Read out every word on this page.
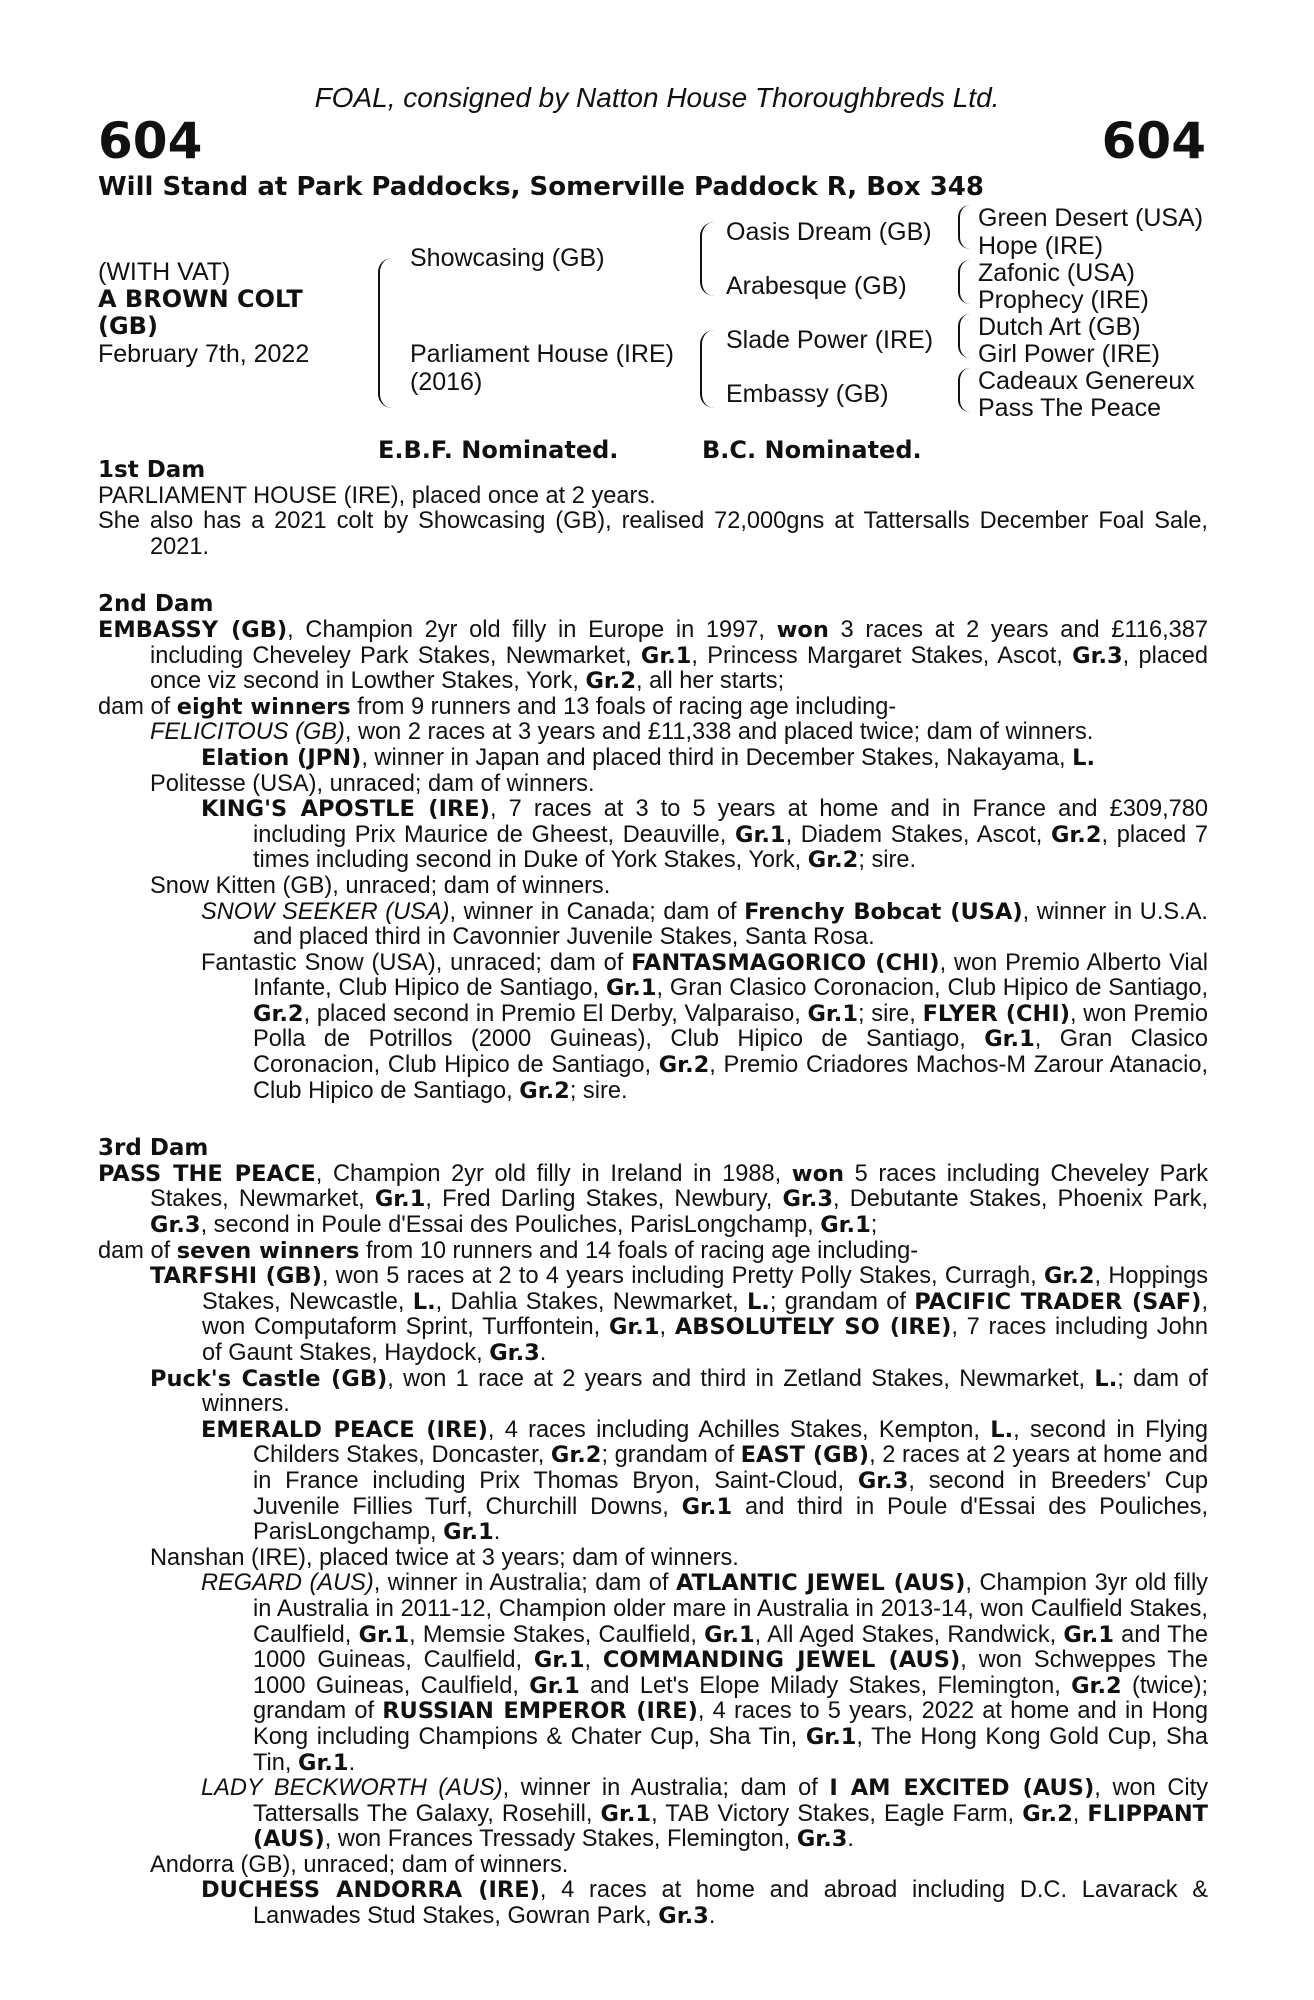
FOAL, consigned by Natton House Thoroughbreds Ltd.
604	604
Will Stand at Park Paddocks, Somerville Paddock R, Box 348
(WITH VAT)
A BROWN COLT
(GB)
February 7th, 2022
Showcasing (GB)
Parliament House (IRE)
(2016)
Oasis Dream (GB)
Arabesque (GB)
Slade Power (IRE)
Embassy (GB)
Green Desert (USA)
Hope (IRE)
Zafonic (USA)
Prophecy (IRE)
Dutch Art (GB)
Girl Power (IRE)
Cadeaux Genereux
Pass The Peace
E.B.F. Nominated.	B.C. Nominated.

1st Dam

PARLIAMENT HOUSE (IRE), placed once at 2 years.

She also has a 2021 colt by Showcasing (GB), realised 72,000gns at Tattersalls December Foal Sale, 2021.

2nd Dam

EMBASSY (GB), Champion 2yr old filly in Europe in 1997, won 3 races at 2 years and £116,387 including Cheveley Park Stakes, Newmarket, Gr.1, Princess Margaret Stakes, Ascot, Gr.3, placed once viz second in Lowther Stakes, York, Gr.2, all her starts;

dam of eight winners from 9 runners and 13 foals of racing age including-

FELICITOUS (GB), won 2 races at 3 years and £11,338 and placed twice; dam of winners.

Elation (JPN), winner in Japan and placed third in December Stakes, Nakayama, L.

Politesse (USA), unraced; dam of winners.

KING'S APOSTLE (IRE), 7 races at 3 to 5 years at home and in France and £309,780 including Prix Maurice de Gheest, Deauville, Gr.1, Diadem Stakes, Ascot, Gr.2, placed 7 times including second in Duke of York Stakes, York, Gr.2; sire.

Snow Kitten (GB), unraced; dam of winners.

SNOW SEEKER (USA), winner in Canada; dam of Frenchy Bobcat (USA), winner in U.S.A. and placed third in Cavonnier Juvenile Stakes, Santa Rosa.

Fantastic Snow (USA), unraced; dam of FANTASMAGORICO (CHI), won Premio Alberto Vial Infante, Club Hipico de Santiago, Gr.1, Gran Clasico Coronacion, Club Hipico de Santiago, Gr.2, placed second in Premio El Derby, Valparaiso, Gr.1; sire, FLYER (CHI), won Premio Polla de Potrillos (2000 Guineas), Club Hipico de Santiago, Gr.1, Gran Clasico Coronacion, Club Hipico de Santiago, Gr.2, Premio Criadores Machos-M Zarour Atanacio, Club Hipico de Santiago, Gr.2; sire.

3rd Dam

PASS THE PEACE, Champion 2yr old filly in Ireland in 1988, won 5 races including Cheveley Park Stakes, Newmarket, Gr.1, Fred Darling Stakes, Newbury, Gr.3, Debutante Stakes, Phoenix Park, Gr.3, second in Poule d'Essai des Pouliches, ParisLongchamp, Gr.1;

dam of seven winners from 10 runners and 14 foals of racing age including-

TARFSHI (GB), won 5 races at 2 to 4 years including Pretty Polly Stakes, Curragh, Gr.2, Hoppings Stakes, Newcastle, L., Dahlia Stakes, Newmarket, L.; grandam of PACIFIC TRADER (SAF), won Computaform Sprint, Turffontein, Gr.1, ABSOLUTELY SO (IRE), 7 races including John of Gaunt Stakes, Haydock, Gr.3.

Puck's Castle (GB), won 1 race at 2 years and third in Zetland Stakes, Newmarket, L.; dam of winners.

EMERALD PEACE (IRE), 4 races including Achilles Stakes, Kempton, L., second in Flying Childers Stakes, Doncaster, Gr.2; grandam of EAST (GB), 2 races at 2 years at home and in France including Prix Thomas Bryon, Saint-Cloud, Gr.3, second in Breeders' Cup Juvenile Fillies Turf, Churchill Downs, Gr.1 and third in Poule d'Essai des Pouliches, ParisLongchamp, Gr.1.

Nanshan (IRE), placed twice at 3 years; dam of winners.

REGARD (AUS), winner in Australia; dam of ATLANTIC JEWEL (AUS), Champion 3yr old filly in Australia in 2011-12, Champion older mare in Australia in 2013-14, won Caulfield Stakes, Caulfield, Gr.1, Memsie Stakes, Caulfield, Gr.1, All Aged Stakes, Randwick, Gr.1 and The 1000 Guineas, Caulfield, Gr.1, COMMANDING JEWEL (AUS), won Schweppes The 1000 Guineas, Caulfield, Gr.1 and Let's Elope Milady Stakes, Flemington, Gr.2 (twice); grandam of RUSSIAN EMPEROR (IRE), 4 races to 5 years, 2022 at home and in Hong Kong including Champions & Chater Cup, Sha Tin, Gr.1, The Hong Kong Gold Cup, Sha Tin, Gr.1.

LADY BECKWORTH (AUS), winner in Australia; dam of I AM EXCITED (AUS), won City Tattersalls The Galaxy, Rosehill, Gr.1, TAB Victory Stakes, Eagle Farm, Gr.2, FLIPPANT (AUS), won Frances Tressady Stakes, Flemington, Gr.3.

Andorra (GB), unraced; dam of winners.

DUCHESS ANDORRA (IRE), 4 races at home and abroad including D.C. Lavarack & Lanwades Stud Stakes, Gowran Park, Gr.3.
